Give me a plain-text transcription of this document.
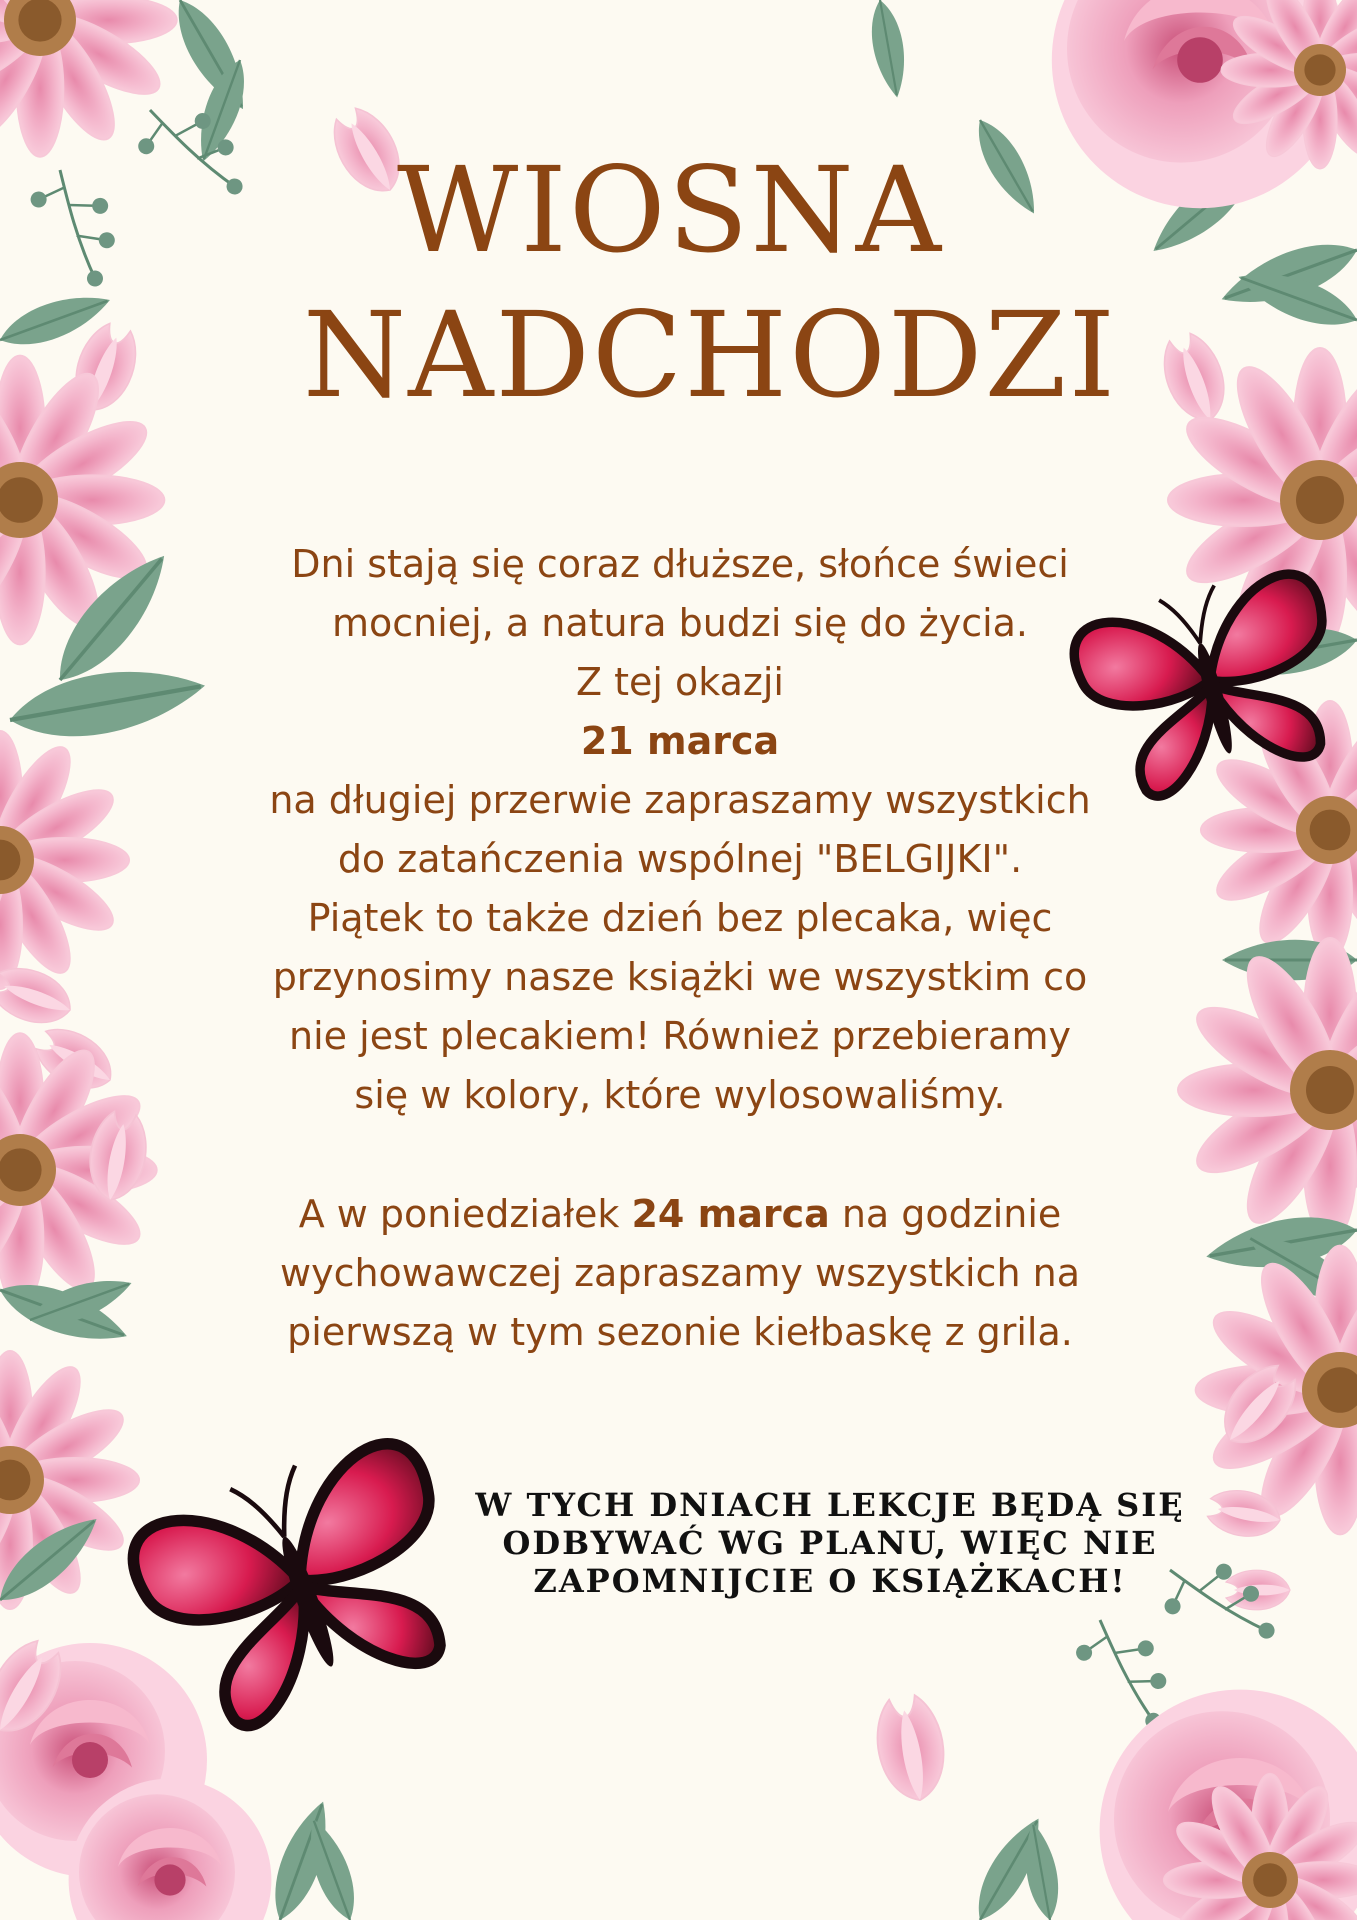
WIOSNA
NADCHODZI
Dni stają się coraz dłuższe, słońce świeci
mocniej, a natura budzi się do życia.
Z tej okazji
21 marca
na długiej przerwie zapraszamy wszystkich
do zatańczenia wspólnej "BELGIJKI".
Piątek to także dzień bez plecaka, więc
przynosimy nasze książki we wszystkim co
nie jest plecakiem! Również przebieramy
się w kolory, które wylosowaliśmy.
A w poniedziałek 24 marca na godzinie
wychowawczej zapraszamy wszystkich na
pierwszą w tym sezonie kiełbaskę z grila.
W TYCH DNIACH LEKCJE BĘDĄ SIĘ
ODBYWAĆ WG PLANU, WIĘC NIE
ZAPOMNIJCIE O KSIĄŻKACH!
